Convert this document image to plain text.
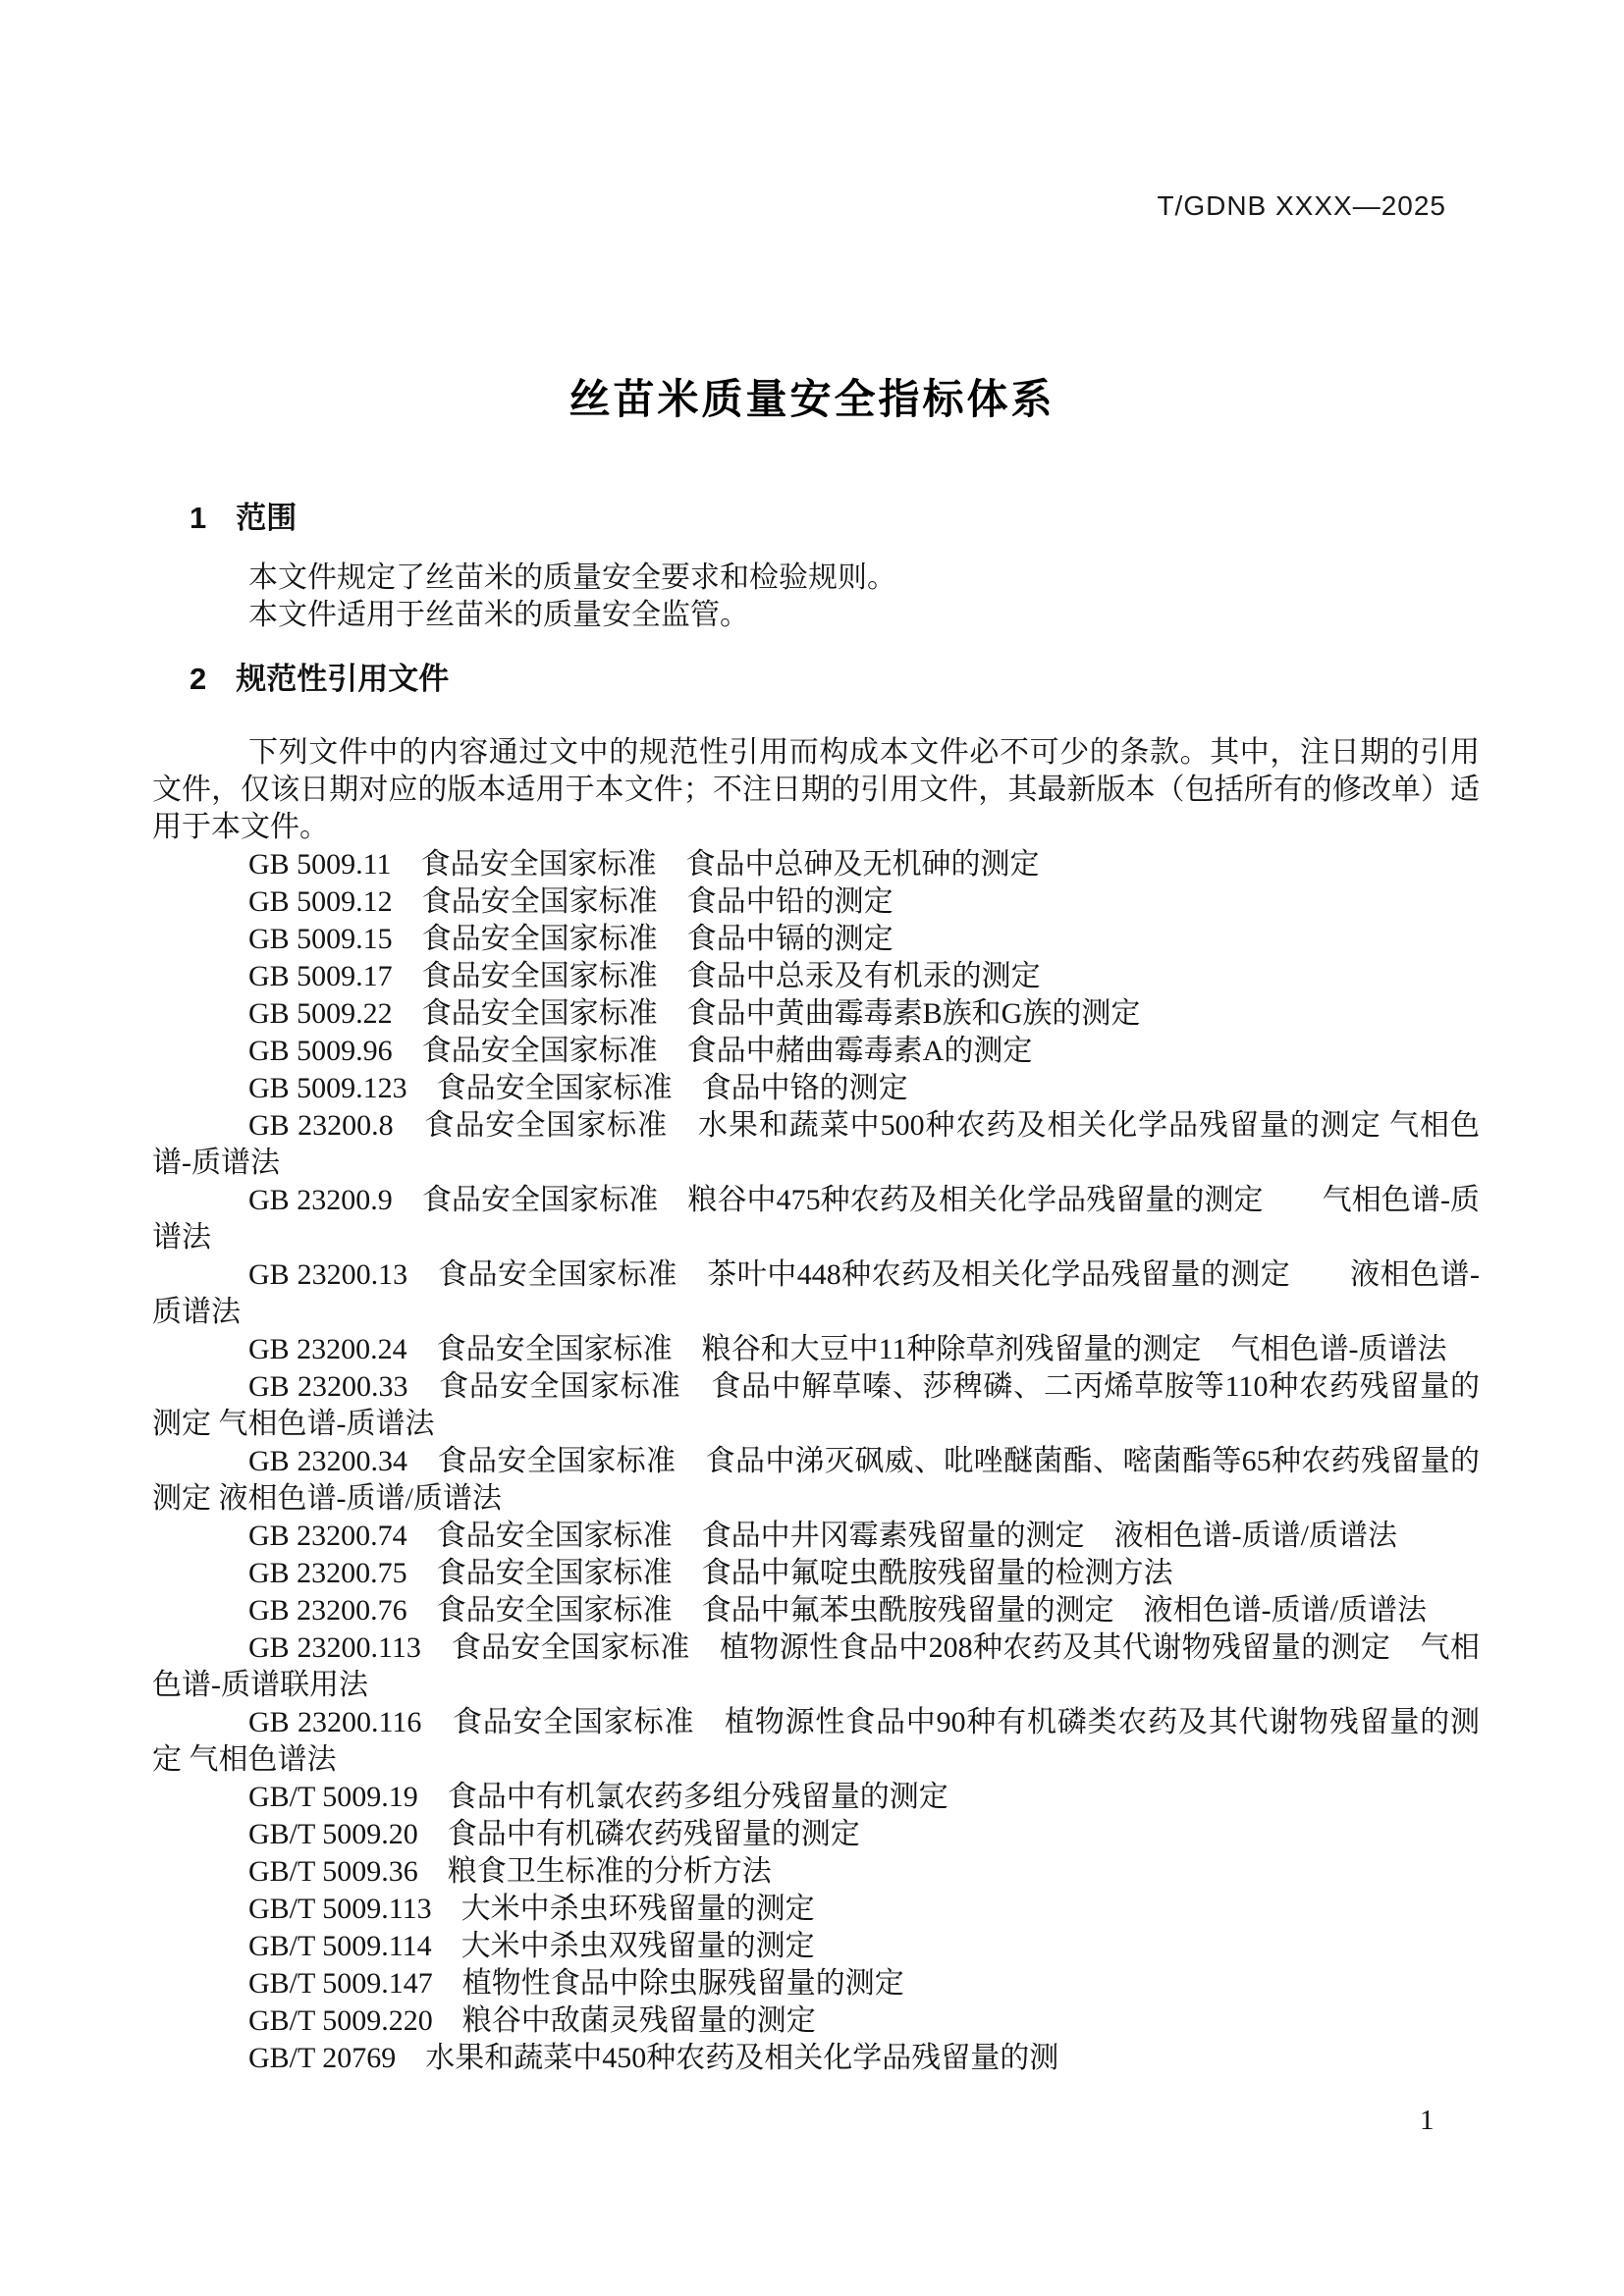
T/GDNB XXXX—2025
丝苗米质量安全指标体系
1 范围

本文件规定了丝苗米的质量安全要求和检验规则。

本文件适用于丝苗米的质量安全监管。

2 规范性引用文件

下列文件中的内容通过文中的规范性引用而构成本文件必不可少的条款。其中，注日期的引用文件，仅该日期对应的版本适用于本文件；不注日期的引用文件，其最新版本（包括所有的修改单）适用于本文件。

GB 5009.11　食品安全国家标准　食品中总砷及无机砷的测定
GB 5009.12　食品安全国家标准　食品中铅的测定
GB 5009.15　食品安全国家标准　食品中镉的测定
GB 5009.17　食品安全国家标准　食品中总汞及有机汞的测定
GB 5009.22　食品安全国家标准　食品中黄曲霉毒素B族和G族的测定
GB 5009.96　食品安全国家标准　食品中赭曲霉毒素A的测定
GB 5009.123　食品安全国家标准　食品中铬的测定
GB 23200.8　食品安全国家标准　水果和蔬菜中500种农药及相关化学品残留量的测定 气相色谱-质谱法
GB 23200.9　食品安全国家标准　粮谷中475种农药及相关化学品残留量的测定　　气相色谱-质谱法
GB 23200.13　食品安全国家标准　茶叶中448种农药及相关化学品残留量的测定　　液相色谱-质谱法
GB 23200.24　食品安全国家标准　粮谷和大豆中11种除草剂残留量的测定　气相色谱-质谱法
GB 23200.33　食品安全国家标准　食品中解草嗪、莎稗磷、二丙烯草胺等110种农药残留量的测定 气相色谱-质谱法
GB 23200.34　食品安全国家标准　食品中涕灭砜威、吡唑醚菌酯、嘧菌酯等65种农药残留量的测定 液相色谱-质谱/质谱法
GB 23200.74　食品安全国家标准　食品中井冈霉素残留量的测定　液相色谱-质谱/质谱法
GB 23200.75　食品安全国家标准　食品中氟啶虫酰胺残留量的检测方法
GB 23200.76　食品安全国家标准　食品中氟苯虫酰胺残留量的测定　液相色谱-质谱/质谱法
GB 23200.113　食品安全国家标准　植物源性食品中208种农药及其代谢物残留量的测定　气相色谱-质谱联用法
GB 23200.116　食品安全国家标准　植物源性食品中90种有机磷类农药及其代谢物残留量的测定 气相色谱法
GB/T 5009.19　食品中有机氯农药多组分残留量的测定
GB/T 5009.20　食品中有机磷农药残留量的测定
GB/T 5009.36　粮食卫生标准的分析方法
GB/T 5009.113　大米中杀虫环残留量的测定
GB/T 5009.114　大米中杀虫双残留量的测定
GB/T 5009.147　植物性食品中除虫脲残留量的测定
GB/T 5009.220　粮谷中敌菌灵残留量的测定
GB/T 20769　水果和蔬菜中450种农药及相关化学品残留量的测
1
